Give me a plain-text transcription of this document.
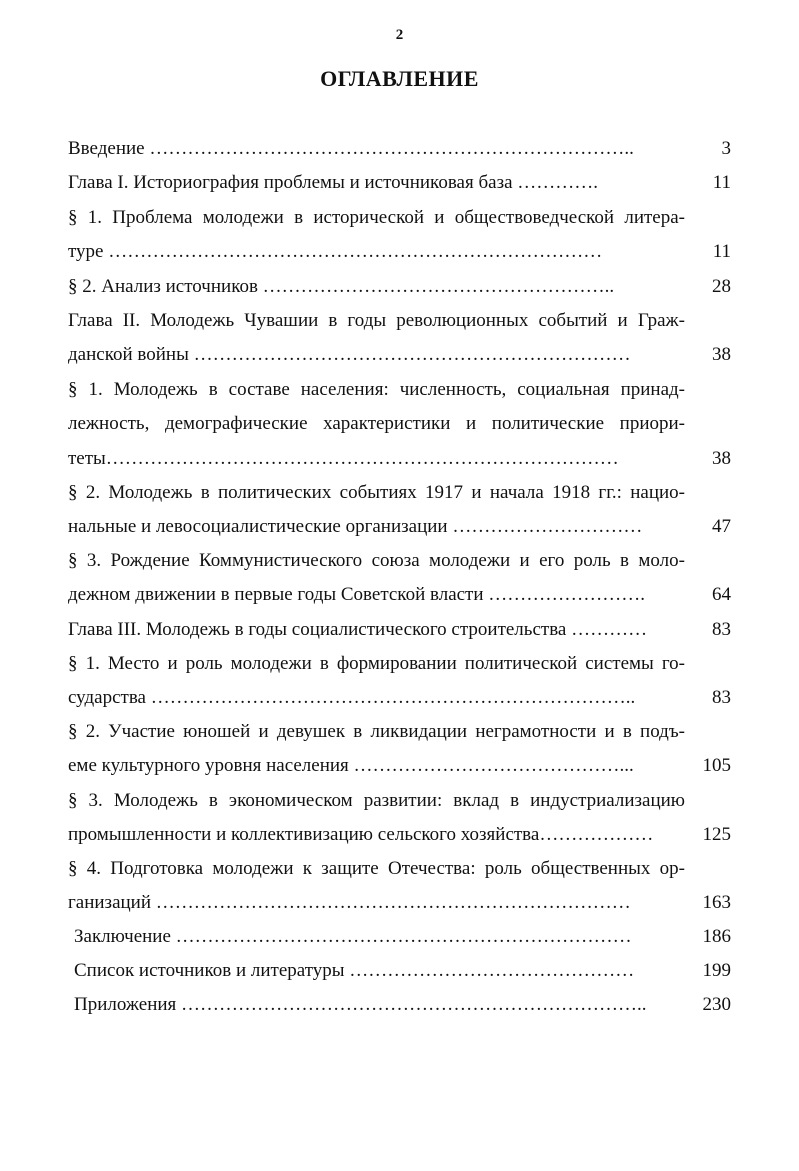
2
ОГЛАВЛЕНИЕ
Введение …………………………………………………………………..	3
Глава I. Историография проблемы и источниковая база ………….	11
§ 1. Проблема молодежи в исторической и обществоведческой литера-
туре ……………………………………………………………………	11
§ 2. Анализ источников ………………………………………………..	28
Глава II. Молодежь Чувашии в годы революционных событий и Граж-
данской войны ……………………………………………………………	38
§ 1. Молодежь в составе населения: численность, социальная принад-
лежность, демографические характеристики и политические приори-
теты………………………………………………………………………	38
§ 2. Молодежь в политических событиях 1917 и начала 1918 гг.: нацио-
нальные и левосоциалистические организации …………………………	47
§ 3. Рождение Коммунистического союза молодежи и его роль в моло-
дежном движении в первые годы Советской власти …………………….	64
Глава III. Молодежь в годы социалистического строительства …………	83
§ 1. Место и роль молодежи в формировании политической системы го-
сударства …………………………………………………………………..	83
§ 2. Участие юношей и девушек в ликвидации неграмотности и в подъ-
еме культурного уровня населения ……………………………………...	105
§ 3. Молодежь в экономическом развитии: вклад в индустриализацию
промышленности и коллективизацию сельского хозяйства………………	125
§ 4. Подготовка молодежи к защите Отечества: роль общественных ор-
ганизаций …………………………………………………………………	163
Заключение ………………………………………………………………	186
Список источников и литературы ………………………………………	199
Приложения ………………………………………………………………..	230
